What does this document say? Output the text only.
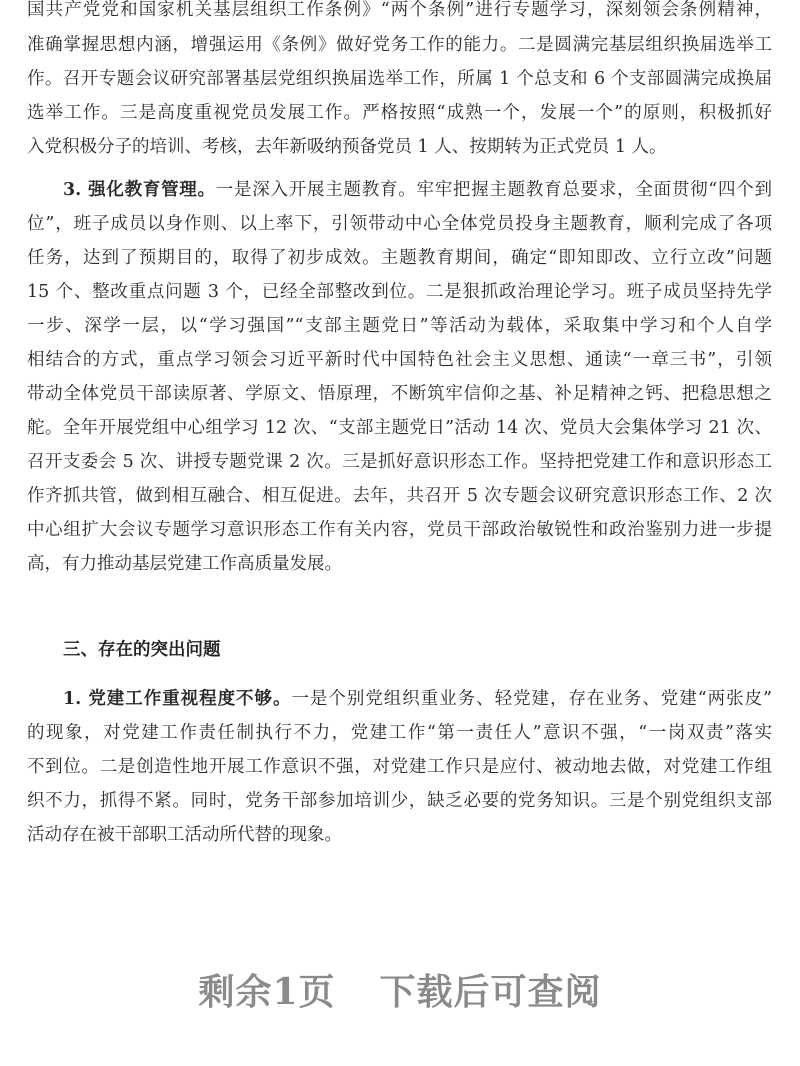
国共产党党和国家机关基层组织工作条例》“两个条例”进行专题学习，深刻领会条例精神，
准确掌握思想内涵，增强运用《条例》做好党务工作的能力。二是圆满完基层组织换届选举工
作。召开专题会议研究部署基层党组织换届选举工作，所属 1 个总支和 6 个支部圆满完成换届
选举工作。三是高度重视党员发展工作。严格按照“成熟一个，发展一个”的原则，积极抓好
入党积极分子的培训、考核，去年新吸纳预备党员 1 人、按期转为正式党员 1 人。
3. 强化教育管理。一是深入开展主题教育。牢牢把握主题教育总要求，全面贯彻“四个到
位”，班子成员以身作则、以上率下，引领带动中心全体党员投身主题教育，顺利完成了各项
任务，达到了预期目的，取得了初步成效。主题教育期间，确定“即知即改、立行立改”问题
15 个、整改重点问题 3 个，已经全部整改到位。二是狠抓政治理论学习。班子成员坚持先学
一步、深学一层，以“学习强国”“支部主题党日”等活动为载体，采取集中学习和个人自学
相结合的方式，重点学习领会习近平新时代中国特色社会主义思想、通读“一章三书”，引领
带动全体党员干部读原著、学原文、悟原理，不断筑牢信仰之基、补足精神之钙、把稳思想之
舵。全年开展党组中心组学习 12 次、“支部主题党日”活动 14 次、党员大会集体学习 21 次、
召开支委会 5 次、讲授专题党课 2 次。三是抓好意识形态工作。坚持把党建工作和意识形态工
作齐抓共管，做到相互融合、相互促进。去年，共召开 5 次专题会议研究意识形态工作、2 次
中心组扩大会议专题学习意识形态工作有关内容，党员干部政治敏锐性和政治鉴别力进一步提
高，有力推动基层党建工作高质量发展。
三、存在的突出问题
1. 党建工作重视程度不够。一是个别党组织重业务、轻党建，存在业务、党建“两张皮”
的现象，对党建工作责任制执行不力，党建工作“第一责任人”意识不强，“一岗双责”落实
不到位。二是创造性地开展工作意识不强，对党建工作只是应付、被动地去做，对党建工作组
织不力，抓得不紧。同时，党务干部参加培训少，缺乏必要的党务知识。三是个别党组织支部
活动存在被干部职工活动所代替的现象。
剩余1页 下载后可查阅
